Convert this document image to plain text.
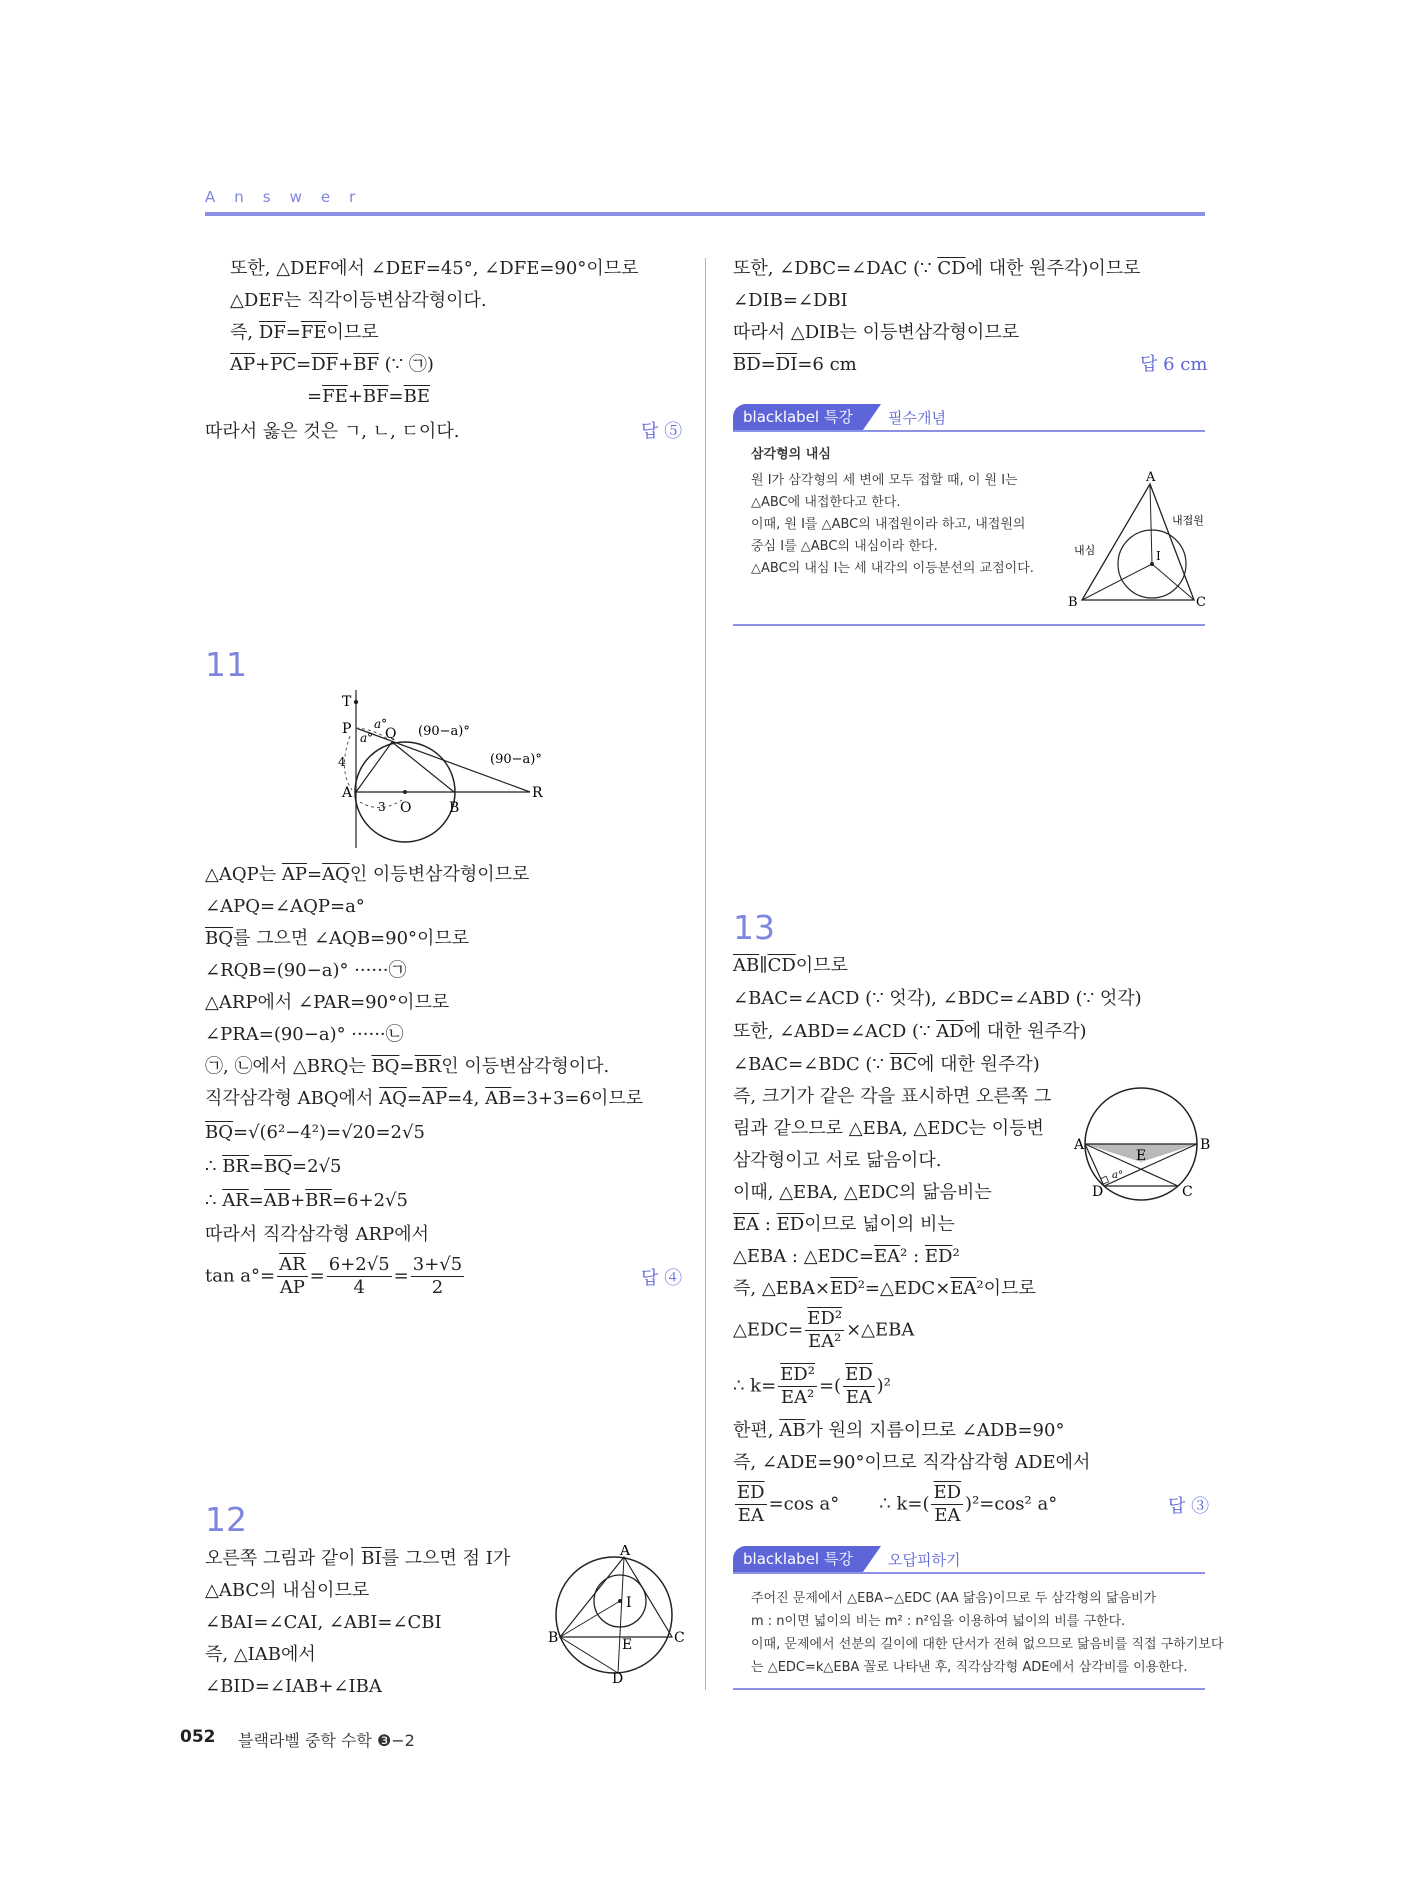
Answer
또한, △DEF에서 ∠DEF=45°, ∠DFE=90°이므로
△DEF는 직각이등변삼각형이다.
즉, $\overline{DF}=\overline{FE}$이므로
$\overline{AP}+\overline{PC}=\overline{DF}+\overline{BF}$ (∵ ㉠)
$=\overline{FE}+\overline{BF}=\overline{BE}$
따라서 옳은 것은 ㄱ, ㄴ, ㄷ이다.	답 ⑤
11
T
P Q
A
O	B
R
a°
a°
4
3
(90−a)°
(90−a)°
△AQP는 $\overline{AP}=\overline{AQ}$인 이등변삼각형이므로
∠APQ=∠AQP=a°
$\overline{BQ}$를 그으면 ∠AQB=90°이므로
∠RQB=(90−a)° ······㉠
△ARP에서 ∠PAR=90°이므로
∠PRA=(90−a)° ······㉡
㉠, ㉡에서 △BRQ는 $\overline{BQ}=\overline{BR}$인 이등변삼각형이다.
직각삼각형 ABQ에서 $\overline{AQ}=\overline{AP}=4$, $\overline{AB}=3+3=6$이므로
$\overline{BQ}=√(6^2-4^2)=√20=2√5$
∴ $\overline{BR}=\overline{BQ}=2√5$
∴ $\overline{AR}=\overline{AB}+\overline{BR}=6+2√5$
따라서 직각삼각형 ARP에서
$\tan a^\circ= \frac{\overline{AR}}{AP} = \frac{6+2√5}{4} = \frac{3+√5}{2}$	답 ④
12
오른쪽 그림과 같이 $\overline{BI}$를 그으면 점 I가
△ABC의 내심이므로
∠BAI=∠CAI, ∠ABI=∠CBI
즉, △IAB에서
∠BID=∠IAB+∠IBA
A
B	C
I
E
D
또한, ∠DBC=∠DAC (∵ $\overline{CD}$에 대한 원주각)이므로
∠DIB=∠DBI
따라서 △DIB는 이등변삼각형이므로
$\overline{BD}=\overline{DI}=6$ cm	답 6 cm
blacklabel 특강	필수개념
삼각형의 내심
원 I가 삼각형의 세 변에 모두 접할 때, 이 원 I는
△ABC에 내접한다고 한다.
이때, 원 I를 △ABC의 내접원이라 하고, 내접원의
중심 I를 △ABC의 내심이라 한다.
△ABC의 내심 I는 세 내각의 이등분선의 교점이다.
A
B	C
I
내접원
내심
13
$\overline{AB}\parallel\overline{CD}$이므로
∠BAC=∠ACD (∵ 엇각), ∠BDC=∠ABD (∵ 엇각)
또한, ∠ABD=∠ACD (∵ $\overline{AD}$에 대한 원주각)
∠BAC=∠BDC (∵ $\overline{BC}$에 대한 원주각)
즉, 크기가 같은 각을 표시하면 오른쪽 그
림과 같으므로 △EBA, △EDC는 이등변
삼각형이고 서로 닮음이다.
이때, △EBA, △EDC의 닮음비는
$\overline{EA}$ : $\overline{ED}$이므로 넓이의 비는
△EBA : $\triangle EDC=\overline{EA}^2$ : $\overline{ED}^2$
즉, $\triangle EBA\times\overline{ED}^2=\triangle EDC\times\overline{EA}^2$이므로
△EDC= $\frac{\text{ED²}}{\text{EA²}}$ ×△EBA
∴ $k= \frac{\text{ED²}}{\text{EA²}}$ =( $\frac{\overline{ED}}{EA} )^2$
한편, $\overline{AB}$가 원의 지름이므로 ∠ADB=90°
즉, ∠ADE=90°이므로 직각삼각형 ADE에서
$\frac{\overline{ED}}{EA} =\cos$ a° ∴ $k=( \frac{\overline{ED}}{EA} )^2=\cos^2$ a°	답 ③
A	B
C
D
E
a°
blacklabel 특강	오답피하기
주어진 문제에서 △EBA∽△EDC (AA 닮음)이므로 두 삼각형의 닮음비가
m : n이면 넓이의 비는 m² : n²임을 이용하여 넓이의 비를 구한다.
이때, 문제에서 선분의 길이에 대한 단서가 전혀 없으므로 닮음비를 직접 구하기보다
는 △EDC=k△EBA 꼴로 나타낸 후, 직각삼각형 ADE에서 삼각비를 이용한다.
052 블랙라벨 중학 수학 ❸−2
